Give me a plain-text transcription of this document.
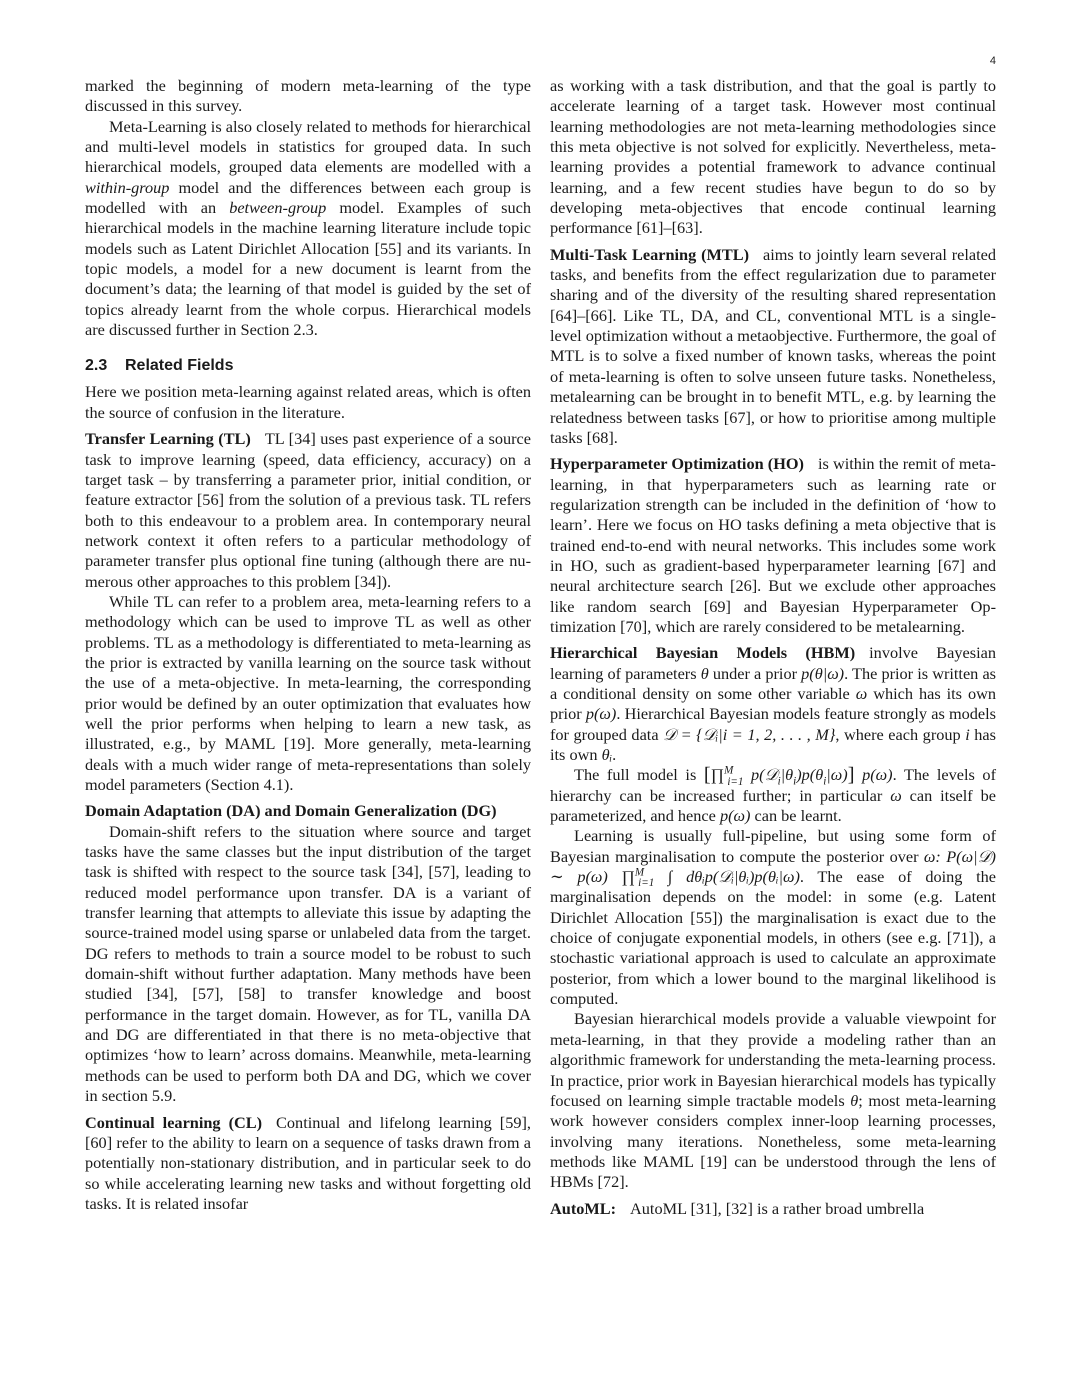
4

marked the beginning of modern meta-learning of the type discussed in this survey.

Meta-Learning is also closely related to methods for hierarchical and multi-level models in statistics for grouped data. In such hierarchical models, grouped data elements are modelled with a within-group model and the differences between each group is modelled with an between-group model. Examples of such hierarchical models in the machine learning literature include topic models such as Latent Dirichlet Allocation [55] and its variants. In topic models, a model for a new document is learnt from the document’s data; the learning of that model is guided by the set of topics already learnt from the whole corpus. Hierarchical models are discussed further in Section 2.3.

2.3 Related Fields

Here we position meta-learning against related areas, which is often the source of confusion in the literature.

Transfer Learning (TL) TL [34] uses past experience of a source task to improve learning (speed, data efficiency, accuracy) on a target task – by transferring a parameter prior, initial condition, or feature extractor [56] from the solution of a previous task. TL refers both to this endeavour to a problem area. In contemporary neural network context it often refers to a particular methodology of parameter transfer plus optional fine tuning (although there are numerous other approaches to this problem [34]).

While TL can refer to a problem area, meta-learning refers to a methodology which can be used to improve TL as well as other problems. TL as a methodology is differentiated to meta-learning as the prior is extracted by vanilla learning on the source task without the use of a meta-objective. In meta-learning, the corresponding prior would be defined by an outer optimization that evaluates how well the prior performs when helping to learn a new task, as illustrated, e.g., by MAML [19]. More generally, meta-learning deals with a much wider range of meta-representations than solely model parameters (Section 4.1).

Domain Adaptation (DA) and Domain Generalization (DG)

Domain-shift refers to the situation where source and target tasks have the same classes but the input distribution of the target task is shifted with respect to the source task [34], [57], leading to reduced model performance upon transfer. DA is a variant of transfer learning that attempts to alleviate this issue by adapting the source-trained model using sparse or unlabeled data from the target. DG refers to methods to train a source model to be robust to such domain-shift without further adaptation. Many methods have been studied [34], [57], [58] to transfer knowledge and boost performance in the target domain. However, as for TL, vanilla DA and DG are differentiated in that there is no meta-objective that optimizes ‘how to learn’ across domains. Meanwhile, meta-learning methods can be used to perform both DA and DG, which we cover in section 5.9.

Continual learning (CL) Continual and lifelong learning [59], [60] refer to the ability to learn on a sequence of tasks drawn from a potentially non-stationary distribution, and in particular seek to do so while accelerating learning new tasks and without forgetting old tasks. It is related insofar

as working with a task distribution, and that the goal is partly to accelerate learning of a target task. However most continual learning methodologies are not meta-learning methodologies since this meta objective is not solved for explicitly. Nevertheless, meta-learning provides a potential framework to advance continual learning, and a few recent studies have begun to do so by developing meta-objectives that encode continual learning performance [61]–[63].

Multi-Task Learning (MTL) aims to jointly learn several related tasks, and benefits from the effect regularization due to parameter sharing and of the diversity of the resulting shared representation [64]–[66]. Like TL, DA, and CL, conventional MTL is a single-level optimization without a metaobjective. Furthermore, the goal of MTL is to solve a fixed number of known tasks, whereas the point of meta-learning is often to solve unseen future tasks. Nonetheless, metalearning can be brought in to benefit MTL, e.g. by learning the relatedness between tasks [67], or how to prioritise among multiple tasks [68].

Hyperparameter Optimization (HO) is within the remit of meta-learning, in that hyperparameters such as learning rate or regularization strength can be included in the definition of ‘how to learn’. Here we focus on HO tasks defining a meta objective that is trained end-to-end with neural networks. This includes some work in HO, such as gradient-based hyperparameter learning [67] and neural architecture search [26]. But we exclude other approaches like random search [69] and Bayesian Hyperparameter Optimization [70], which are rarely considered to be metalearning.

Hierarchical Bayesian Models (HBM) involve Bayesian learning of parameters θ under a prior p(θ|ω). The prior is written as a conditional density on some other variable ω which has its own prior p(ω). Hierarchical Bayesian models feature strongly as models for grouped data 𝒟 = {𝒟ᵢ|i = 1, 2, . . . , M}, where each group i has its own θᵢ.

The full model is [∏$^M_{i=1}$ $p(𝒟_i|\theta_i)p(\theta_i|\omega)$] p(ω). The levels of hierarchy can be increased further; in particular ω can itself be parameterized, and hence p(ω) can be learnt.

Learning is usually full-pipeline, but using some form of Bayesian marginalisation to compute the posterior over ω: P(ω|𝒟) ∼ p(ω) ∏$^M_{i=1}$ ∫ dθᵢp(𝒟ᵢ|θᵢ)p(θᵢ|ω). The ease of doing the marginalisation depends on the model: in some (e.g. Latent Dirichlet Allocation [55]) the marginalisation is exact due to the choice of conjugate exponential models, in others (see e.g. [71]), a stochastic variational approach is used to calculate an approximate posterior, from which a lower bound to the marginal likelihood is computed.

Bayesian hierarchical models provide a valuable viewpoint for meta-learning, in that they provide a modeling rather than an algorithmic framework for understanding the meta-learning process. In practice, prior work in Bayesian hierarchical models has typically focused on learning simple tractable models θ; most meta-learning work however considers complex inner-loop learning processes, involving many iterations. Nonetheless, some meta-learning methods like MAML [19] can be understood through the lens of HBMs [72].

AutoML: AutoML [31], [32] is a rather broad umbrella
